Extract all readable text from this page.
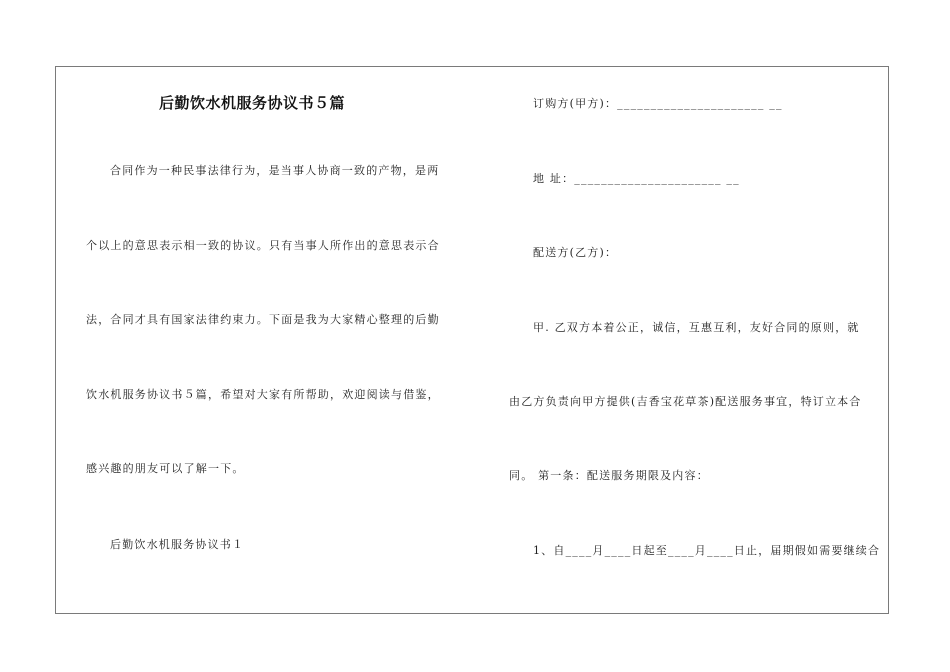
后勤饮水机服务协议书５篇
合同作为一种民事法律行为，是当事人协商一致的产物，是两
个以上的意思表示相一致的协议。只有当事人所作出的意思表示合
法，合同才具有国家法律约束力。下面是我为大家精心整理的后勤
饮水机服务协议书５篇，希望对大家有所帮助，欢迎阅读与借鉴，
感兴趣的朋友可以了解一下。
后勤饮水机服务协议书１
订购方(甲方)：______________________ __
地 址：______________________ __
配送方(乙方)：
甲. 乙双方本着公正，诚信，互惠互利，友好合同的原则，就
由乙方负责向甲方提供(吉香宝花草茶)配送服务事宜，特订立本合
同。 第一条：配送服务期限及内容：
1、自____月____日起至____月____日止，届期假如需要继续合
